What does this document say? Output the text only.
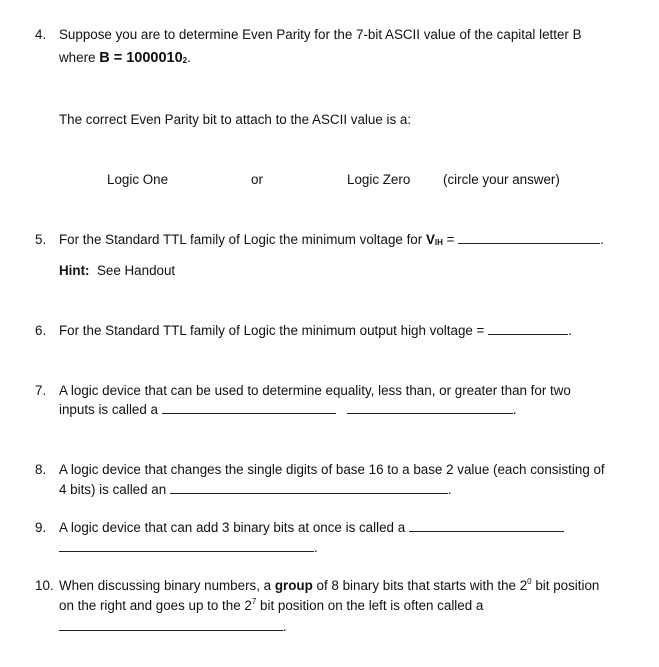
4. Suppose you are to determine Even Parity for the 7-bit ASCII value of the capital letter B
where $B = 1000010_2$.
The correct Even Parity bit to attach to the ASCII value is a:
Logic One	or	Logic Zero (circle your answer)
5. For the Standard TTL family of Logic the minimum voltage for $V_{IH}$ =	.
Hint: See Handout
6. For the Standard TTL family of Logic the minimum output high voltage =	.
7. A logic device that can be used to determine equality, less than, or greater than for two
inputs is called a	.
8. A logic device that changes the single digits of base 16 to a base 2 value (each consisting of
4 bits) is called an	.
9. A logic device that can add 3 binary bits at once is called a
.
10. When discussing binary numbers, a group of 8 binary bits that starts with the $2^0$ bit position
on the right and goes up to the $2^7$ bit position on the left is often called a
.
